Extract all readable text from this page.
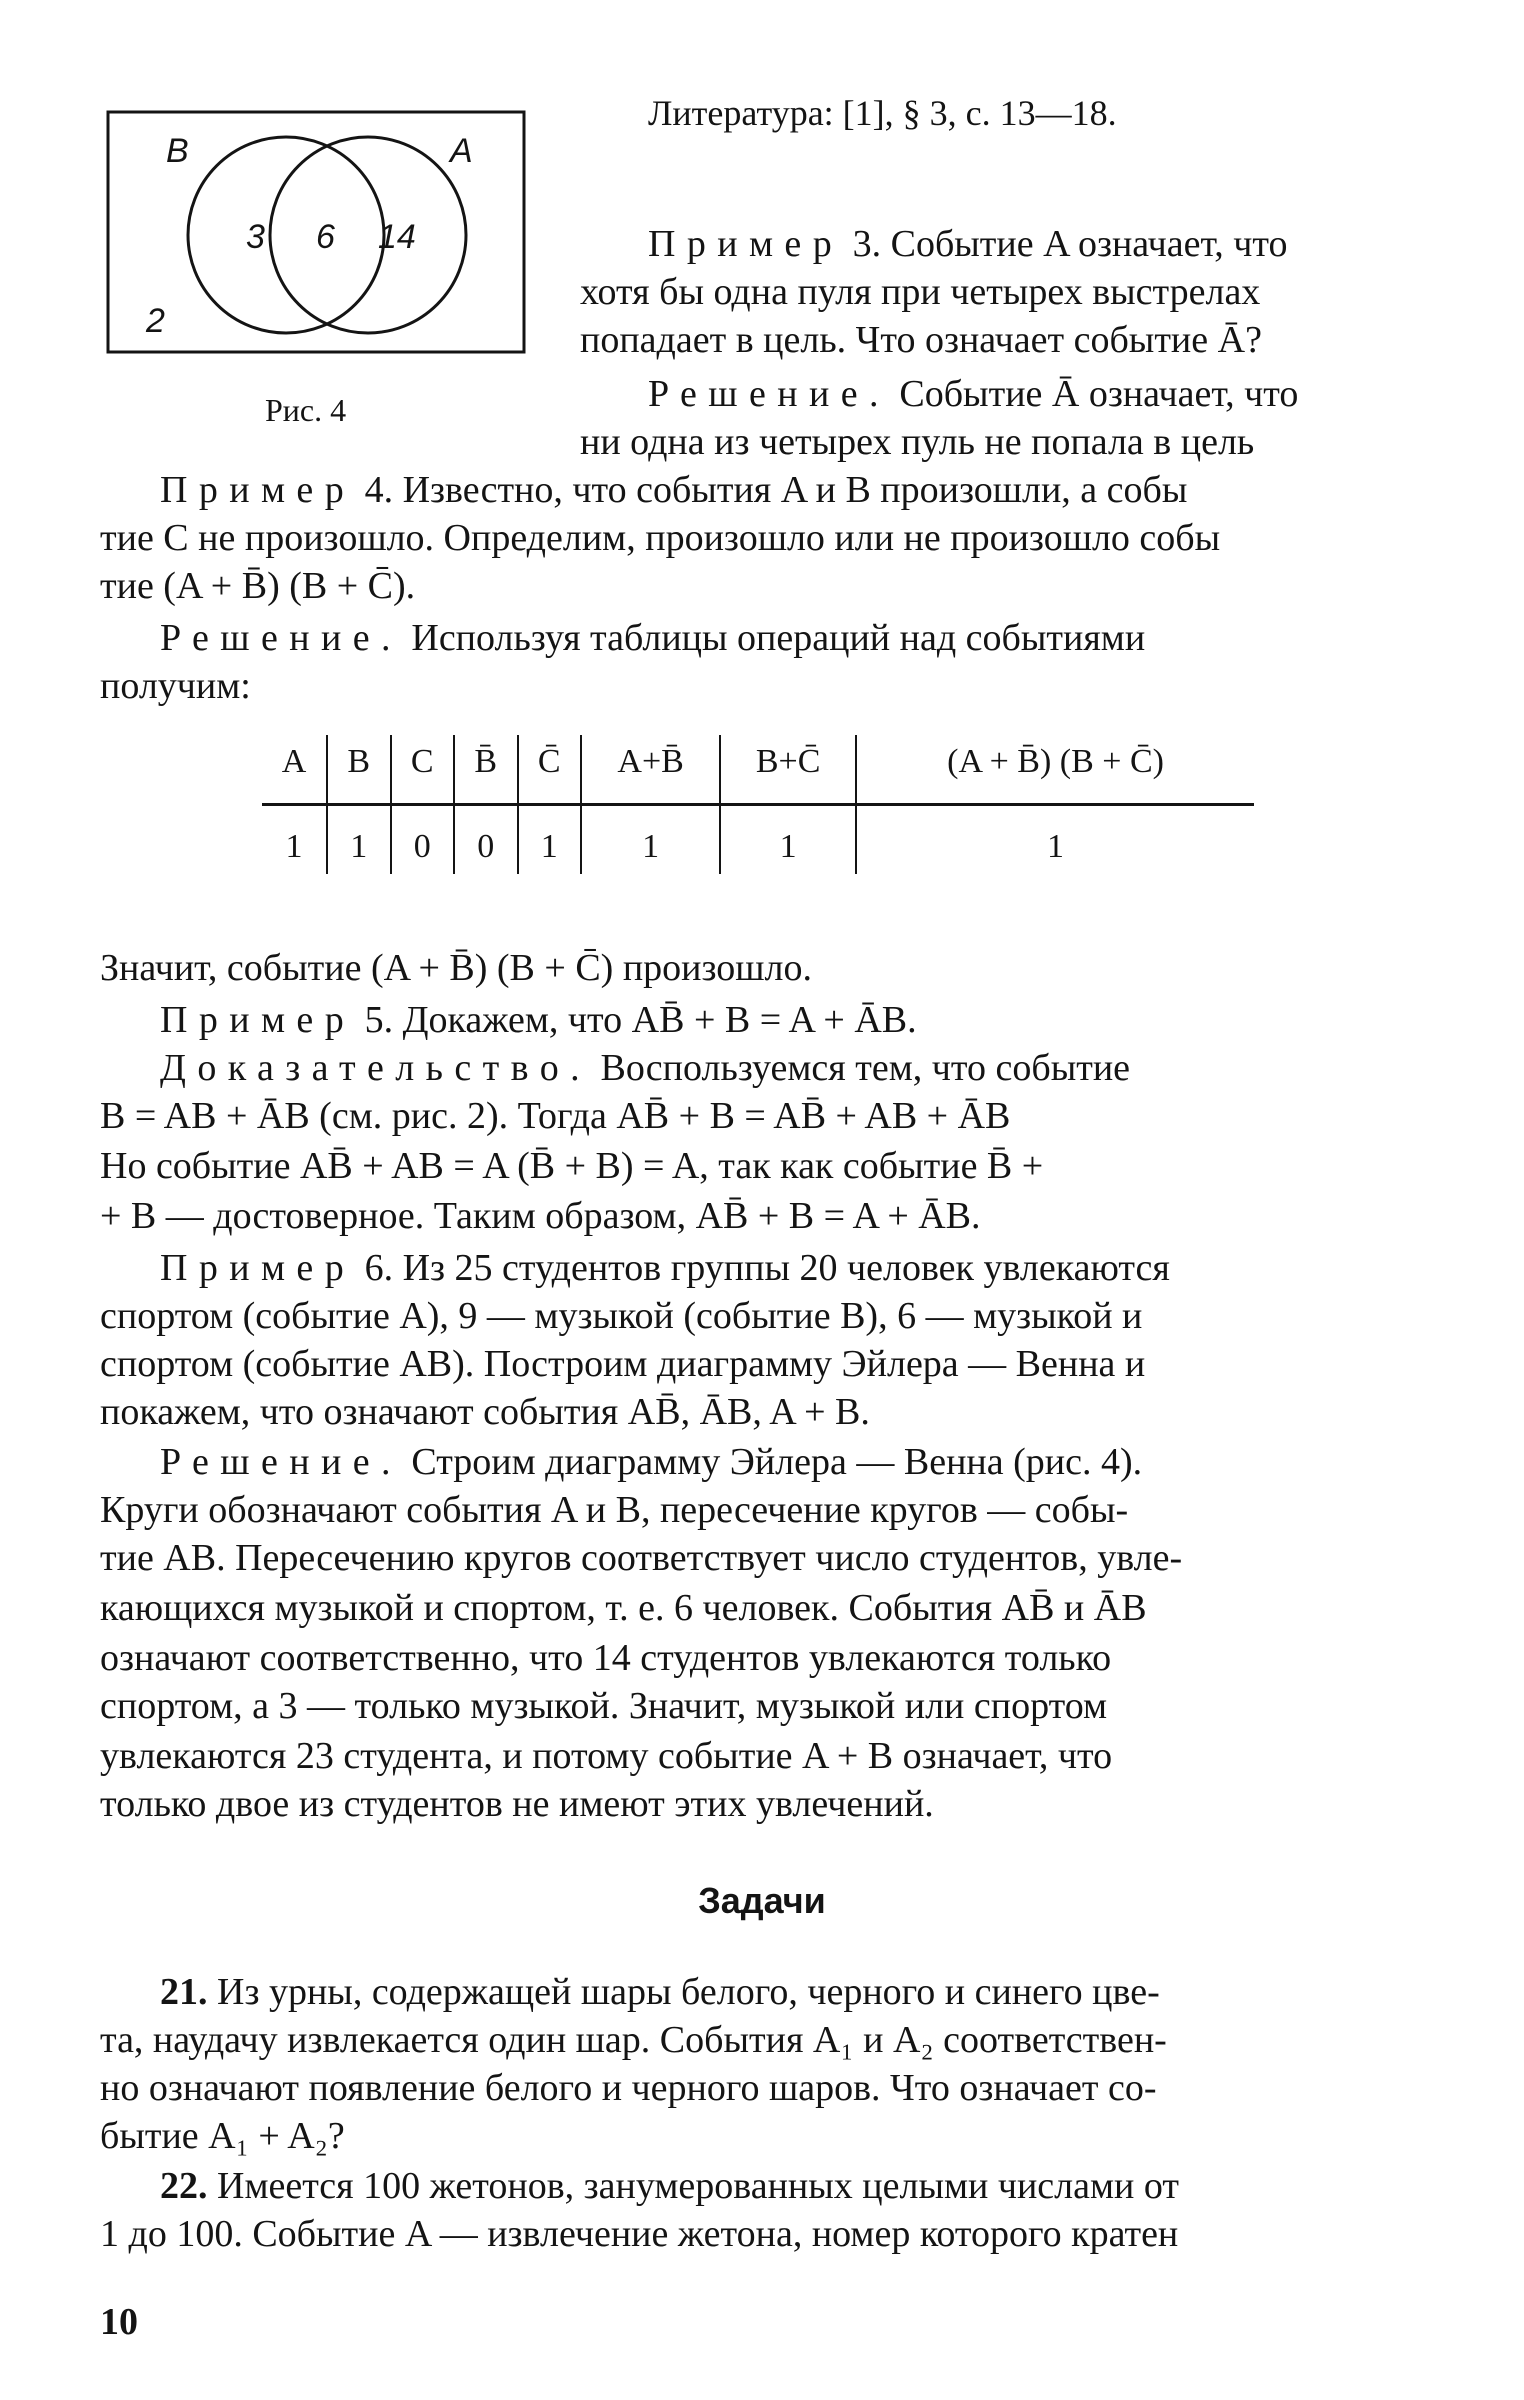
B	A
3 6 14
2
Рис. 4
Литература: [1], § 3, с. 13—18.
Пример 3. Событие A означает, что
хотя бы одна пуля при четырех выстрелах
попадает в цель. Что означает событие Ā?
Решение. Событие Ā означает, что
ни одна из четырех пуль не попала в цель
Пример 4. Известно, что события A и B произошли, а собы
тие C не произошло. Определим, произошло или не произошло собы
тие (A + B̄) (B + C̄).
Решение. Используя таблицы операций над событиями
получим:
A	B	C	B̄	C̄	A+B̄	B+C̄	(A + B̄) (B + C̄)
1	1	0	0	1	1	1	1
Значит, событие (A + B̄) (B + C̄) произошло.
Пример 5. Докажем, что AB̄ + B = A + ĀB.
Доказательство. Воспользуемся тем, что событие
B = AB + ĀB (см. рис. 2). Тогда AB̄ + B = AB̄ + AB + ĀB
Но событие AB̄ + AB = A (B̄ + B) = A, так как событие B̄ +
+ B — достоверное. Таким образом, AB̄ + B = A + ĀB.
Пример 6. Из 25 студентов группы 20 человек увлекаются
спортом (событие A), 9 — музыкой (событие B), 6 — музыкой и
спортом (событие AB). Построим диаграмму Эйлера — Венна и
покажем, что означают события AB̄, ĀB, A + B.
Решение. Строим диаграмму Эйлера — Венна (рис. 4).
Круги обозначают события A и B, пересечение кругов — собы-
тие AB. Пересечению кругов соответствует число студентов, увле-
кающихся музыкой и спортом, т. е. 6 человек. События AB̄ и ĀB
означают соответственно, что 14 студентов увлекаются только
спортом, а 3 — только музыкой. Значит, музыкой или спортом
увлекаются 23 студента, и потому событие A + B означает, что
только двое из студентов не имеют этих увлечений.
Задачи
21. Из урны, содержащей шары белого, черного и синего цве-
та, наудачу извлекается один шар. События A₁ и A₂ соответствен-
но означают появление белого и черного шаров. Что означает со-
бытие A₁ + A₂?
22. Имеется 100 жетонов, занумерованных целыми числами от
1 до 100. Событие A — извлечение жетона, номер которого кратен
10
